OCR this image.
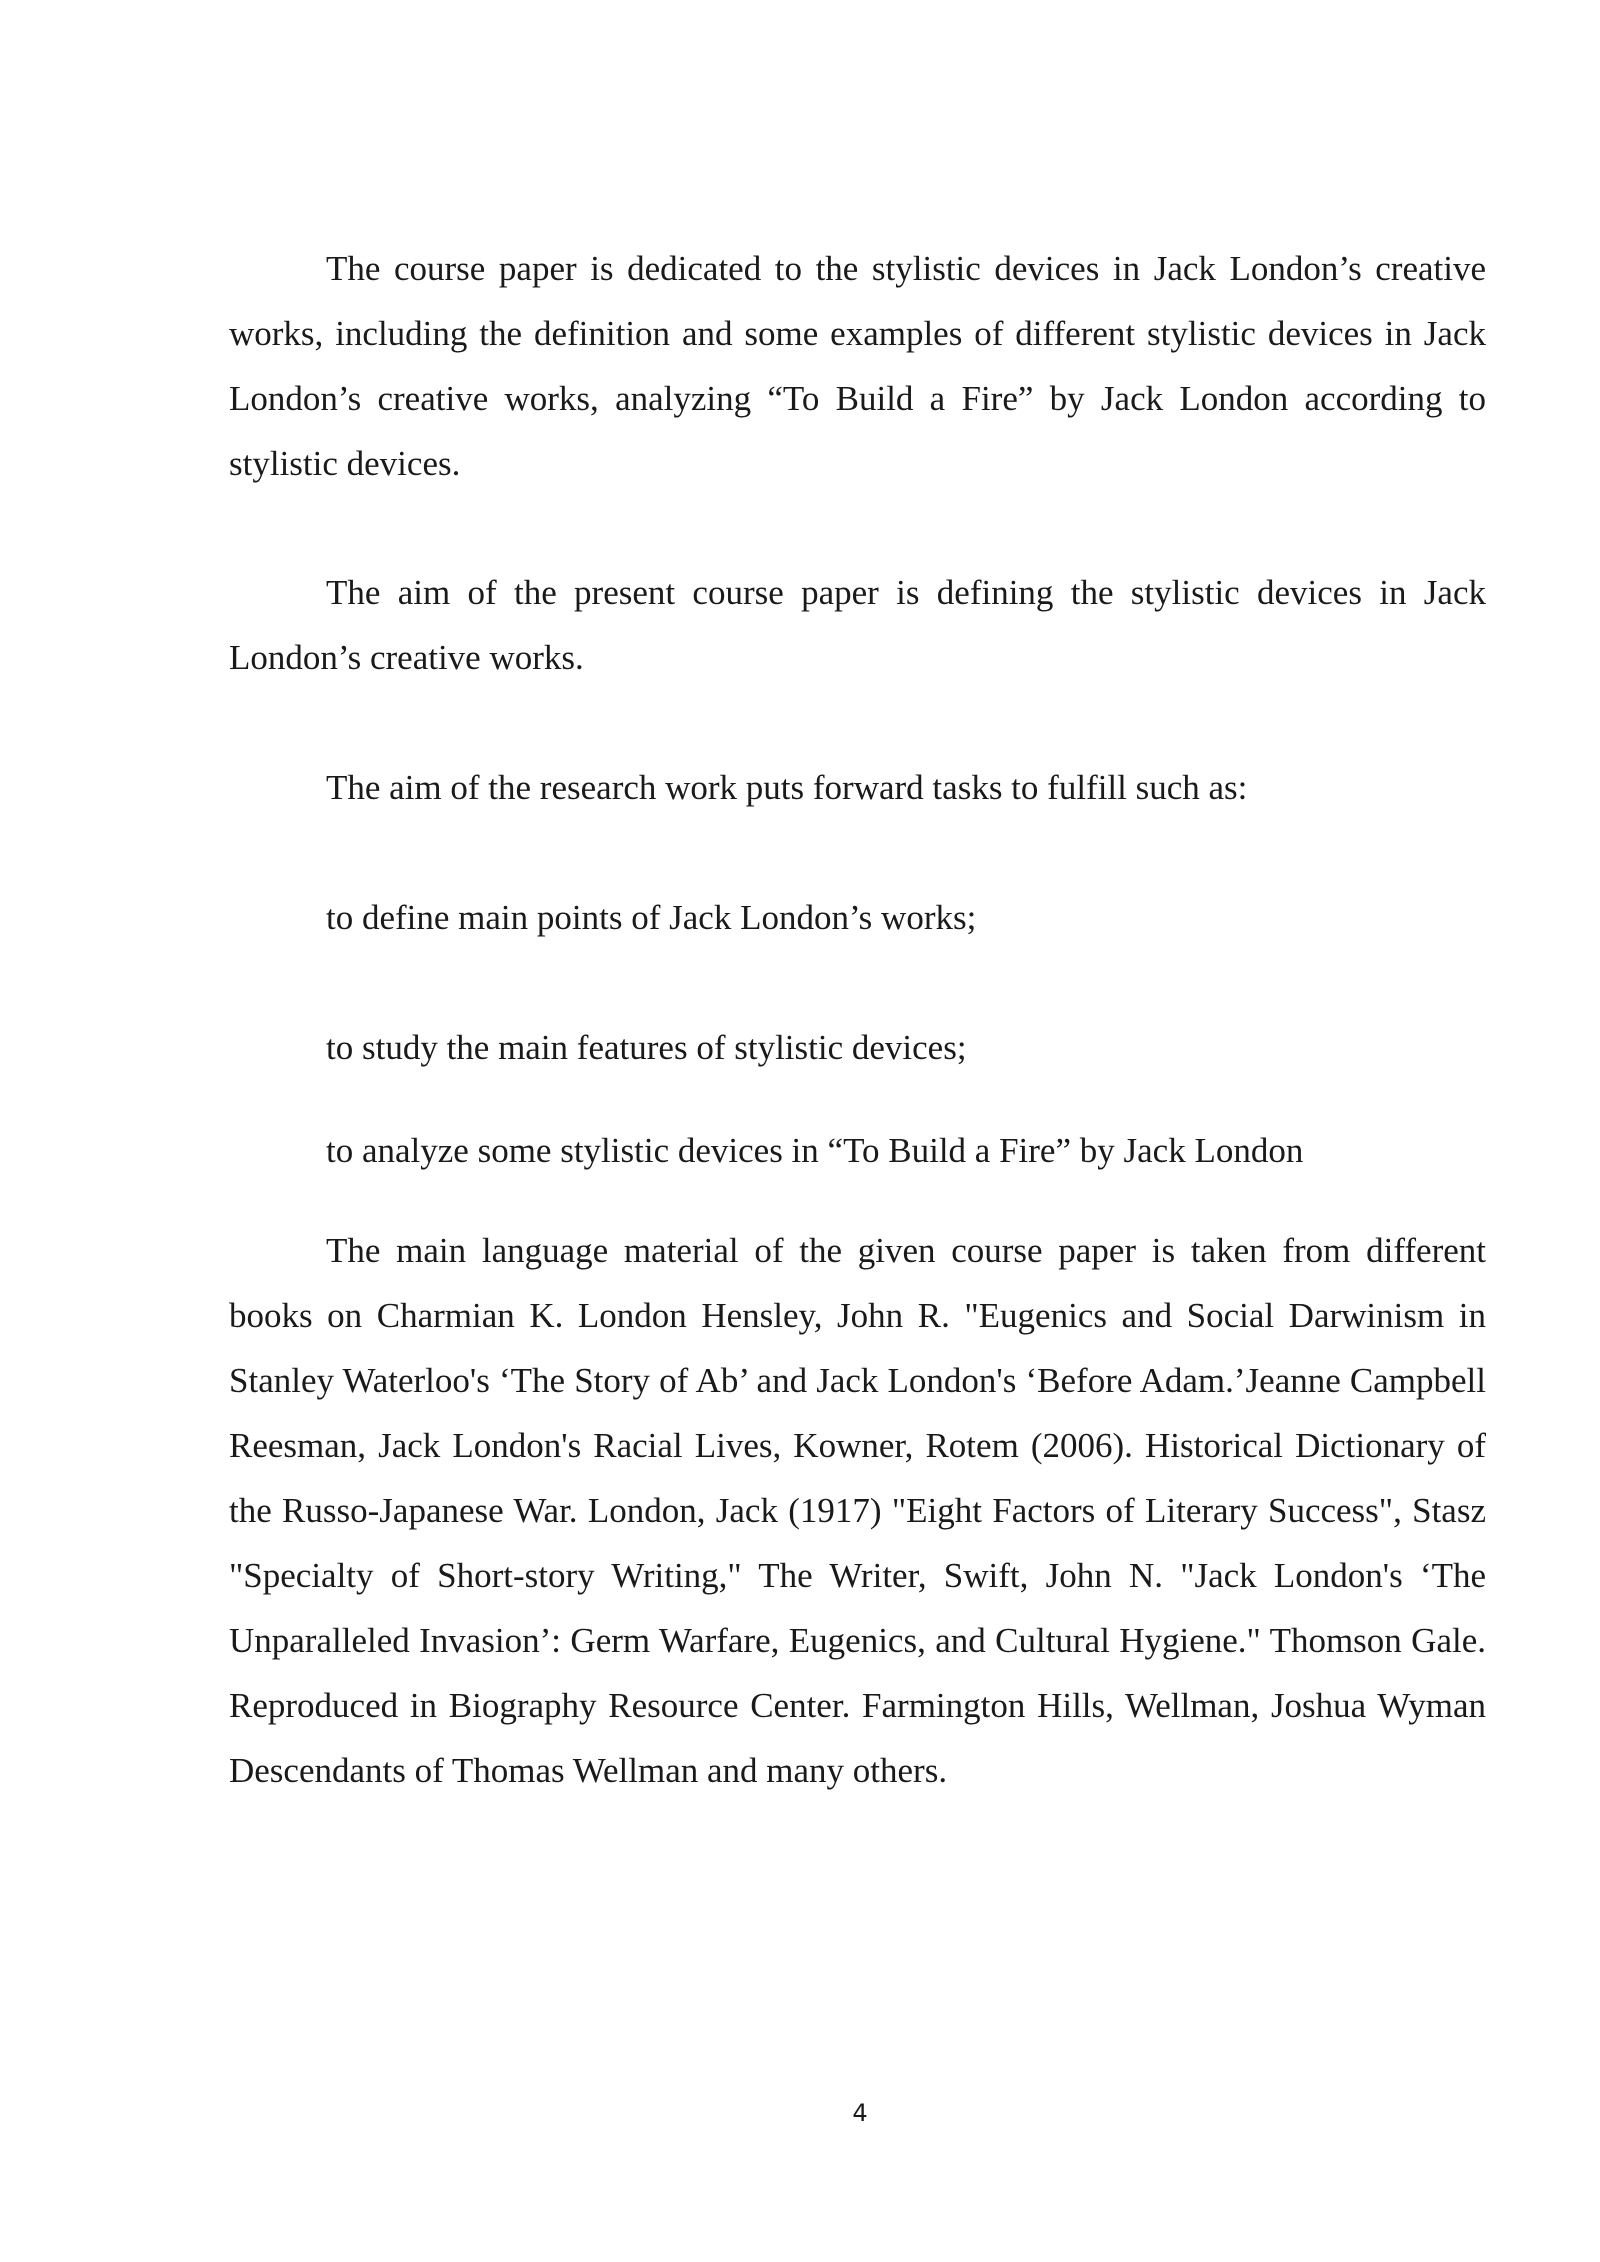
The course paper is dedicated to the stylistic devices in Jack London’s creative works, including the definition and some examples of different stylistic devices in Jack London’s creative works, analyzing “To Build a Fire” by Jack London according to stylistic devices.

The aim of the present course paper is defining the stylistic devices in Jack London’s creative works.

The aim of the research work puts forward tasks to fulfill such as:

to define main points of Jack London’s works;

to study the main features of stylistic devices;

to analyze some stylistic devices in “To Build a Fire” by Jack London

The main language material of the given course paper is taken from different books on Charmian K. London Hensley, John R. "Eugenics and Social Darwinism in Stanley Waterloo's ‘The Story of Ab’ and Jack London's ‘Before Adam.’Jeanne Campbell Reesman, Jack London's Racial Lives, Kowner, Rotem (2006). Historical Dictionary of the Russo-Japanese War. London, Jack (1917) "Eight Factors of Literary Success", Stasz "Specialty of Short-story Writing," The Writer, Swift, John N. "Jack London's ‘The Unparalleled Invasion’: Germ Warfare, Eugenics, and Cultural Hygiene." Thomson Gale. Reproduced in Biography Resource Center. Farmington Hills, Wellman, Joshua Wyman Descendants of Thomas Wellman and many others.

4
